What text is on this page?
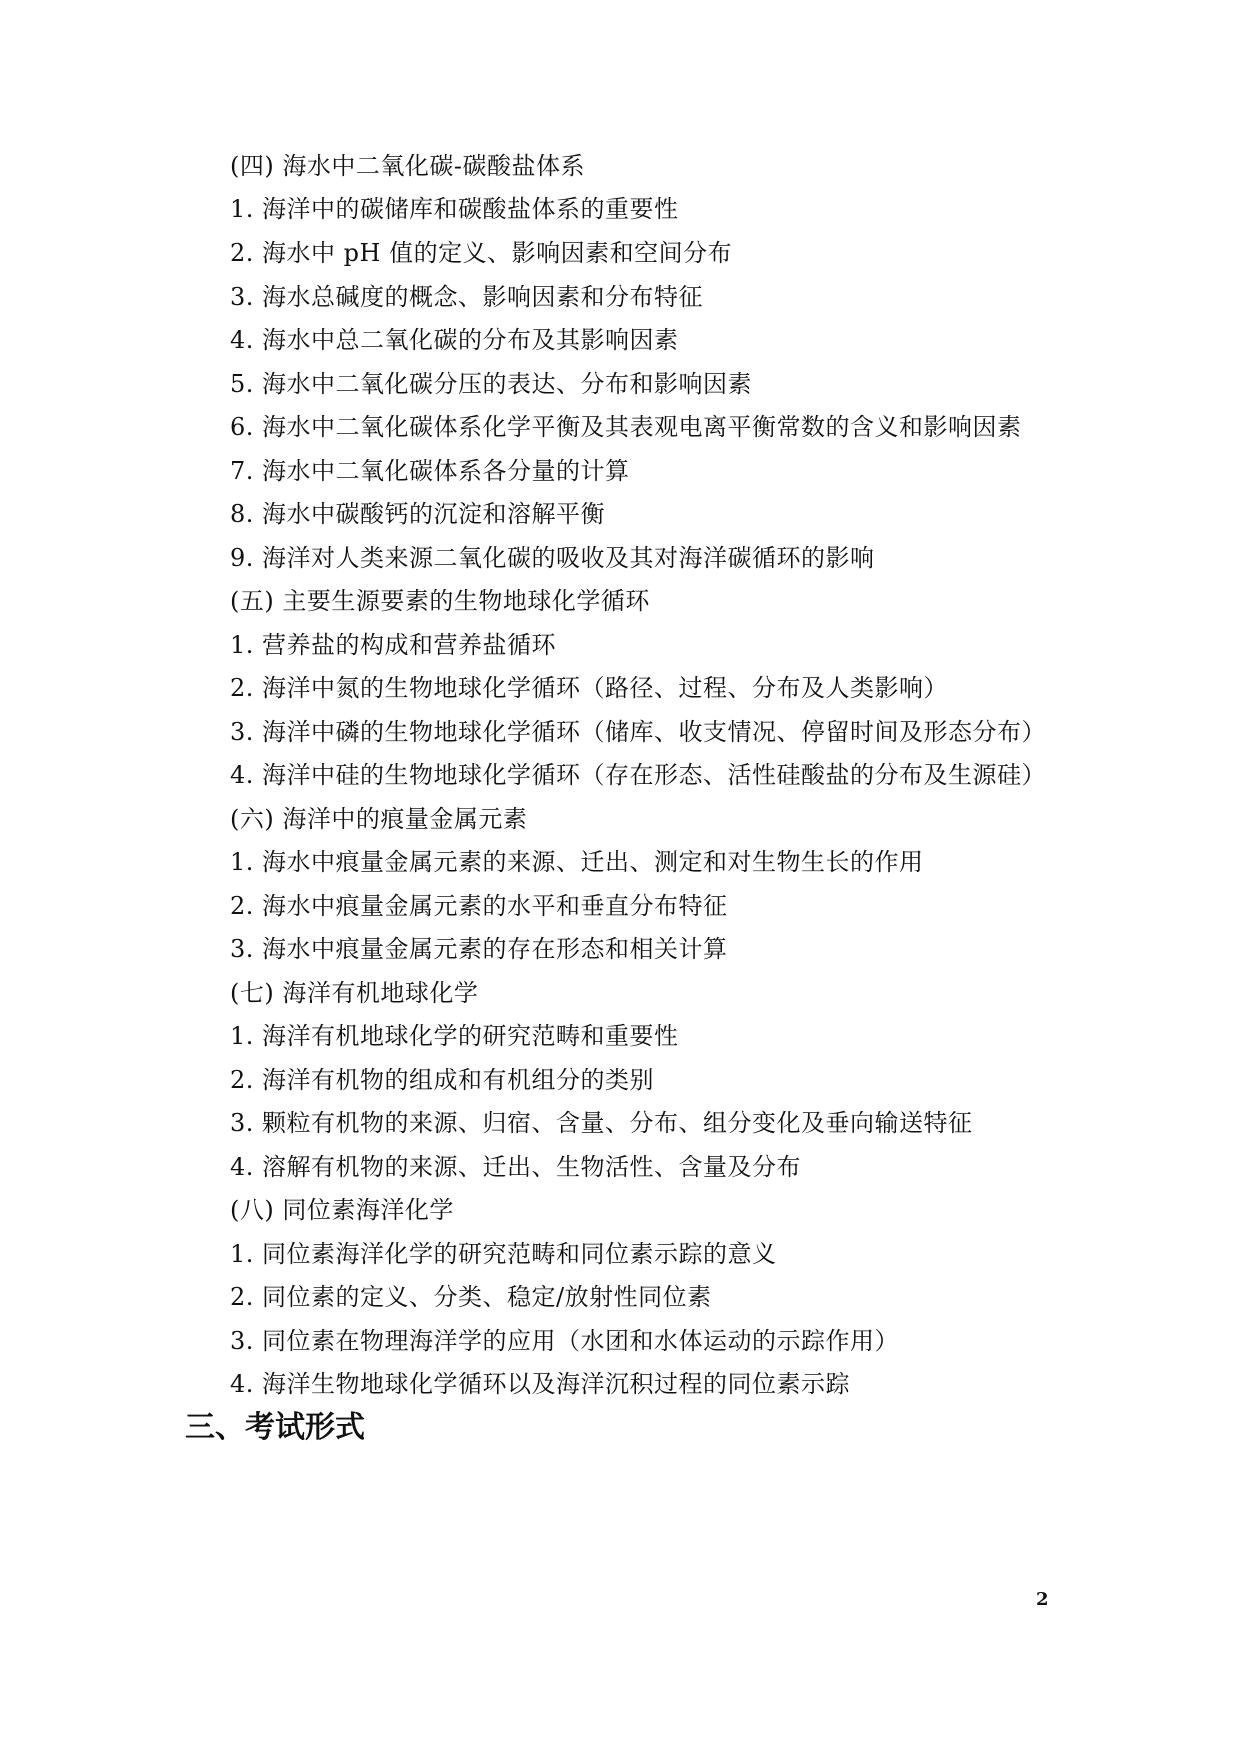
(四) 海水中二氧化碳-碳酸盐体系
1. 海洋中的碳储库和碳酸盐体系的重要性
2. 海水中 pH 值的定义、影响因素和空间分布
3. 海水总碱度的概念、影响因素和分布特征
4. 海水中总二氧化碳的分布及其影响因素
5. 海水中二氧化碳分压的表达、分布和影响因素
6. 海水中二氧化碳体系化学平衡及其表观电离平衡常数的含义和影响因素
7. 海水中二氧化碳体系各分量的计算
8. 海水中碳酸钙的沉淀和溶解平衡
9. 海洋对人类来源二氧化碳的吸收及其对海洋碳循环的影响
(五) 主要生源要素的生物地球化学循环
1. 营养盐的构成和营养盐循环
2. 海洋中氮的生物地球化学循环（路径、过程、分布及人类影响）
3. 海洋中磷的生物地球化学循环（储库、收支情况、停留时间及形态分布）
4. 海洋中硅的生物地球化学循环（存在形态、活性硅酸盐的分布及生源硅）
(六) 海洋中的痕量金属元素
1. 海水中痕量金属元素的来源、迁出、测定和对生物生长的作用
2. 海水中痕量金属元素的水平和垂直分布特征
3. 海水中痕量金属元素的存在形态和相关计算
(七) 海洋有机地球化学
1. 海洋有机地球化学的研究范畴和重要性
2. 海洋有机物的组成和有机组分的类别
3. 颗粒有机物的来源、归宿、含量、分布、组分变化及垂向输送特征
4. 溶解有机物的来源、迁出、生物活性、含量及分布
(八) 同位素海洋化学
1. 同位素海洋化学的研究范畴和同位素示踪的意义
2. 同位素的定义、分类、稳定/放射性同位素
3. 同位素在物理海洋学的应用（水团和水体运动的示踪作用）
4. 海洋生物地球化学循环以及海洋沉积过程的同位素示踪
三、考试形式
2
